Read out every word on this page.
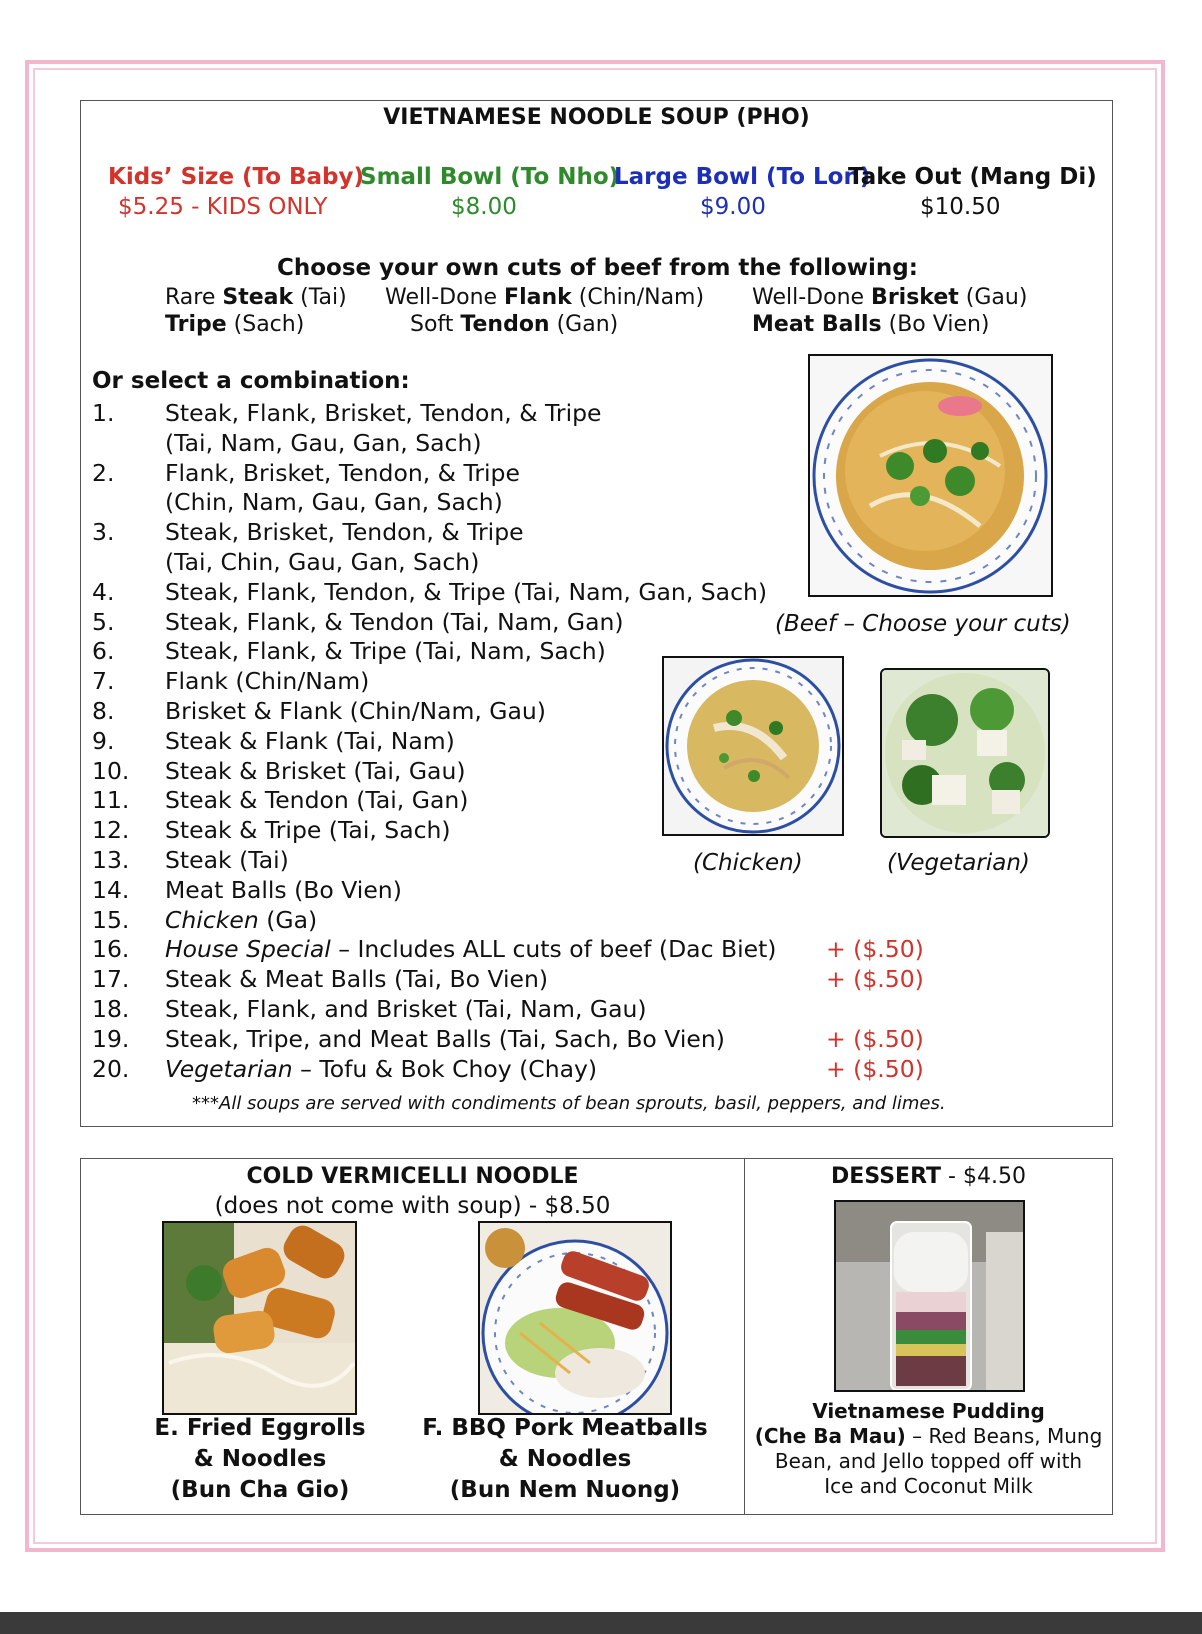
VIETNAMESE NOODLE SOUP (PHO)
Kids’ Size (To Baby)
$5.25 - KIDS ONLY
Small Bowl (To Nho)
$8.00
Large Bowl (To Lon)
$9.00
Take Out (Mang Di)
$10.50
Choose your own cuts of beef from the following:
Rare Steak (Tai) Well-Done Flank (Chin/Nam) Well-Done Brisket (Gau)
Tripe (Sach)	Soft Tendon (Gan)	Meat Balls (Bo Vien)
Or select a combination:
1. Steak, Flank, Brisket, Tendon, & Tripe
(Tai, Nam, Gau, Gan, Sach)
2. Flank, Brisket, Tendon, & Tripe
(Chin, Nam, Gau, Gan, Sach)
3. Steak, Brisket, Tendon, & Tripe
(Tai, Chin, Gau, Gan, Sach)
4. Steak, Flank, Tendon, & Tripe (Tai, Nam, Gan, Sach)
5. Steak, Flank, & Tendon (Tai, Nam, Gan)
6. Steak, Flank, & Tripe (Tai, Nam, Sach)
7. Flank (Chin/Nam)
8. Brisket & Flank (Chin/Nam, Gau)
9. Steak & Flank (Tai, Nam)
10. Steak & Brisket (Tai, Gau)
11. Steak & Tendon (Tai, Gan)
12. Steak & Tripe (Tai, Sach)
13. Steak (Tai)
14. Meat Balls (Bo Vien)
15. Chicken (Ga)
16. House Special – Includes ALL cuts of beef (Dac Biet) + ($.50)
17. Steak & Meat Balls (Tai, Bo Vien)	+ ($.50)
18. Steak, Flank, and Brisket (Tai, Nam, Gau)
19. Steak, Tripe, and Meat Balls (Tai, Sach, Bo Vien)	+ ($.50)
20. Vegetarian – Tofu & Bok Choy (Chay)	+ ($.50)
(Beef – Choose your cuts)
(Chicken)	(Vegetarian)
***All soups are served with condiments of bean sprouts, basil, peppers, and limes.
COLD VERMICELLI NOODLE
(does not come with soup) - $8.50
E. Fried Eggrolls
& Noodles
(Bun Cha Gio)
F. BBQ Pork Meatballs
& Noodles
(Bun Nem Nuong)
DESSERT - $4.50
Vietnamese Pudding
(Che Ba Mau) – Red Beans, Mung
Bean, and Jello topped off with
Ice and Coconut Milk
